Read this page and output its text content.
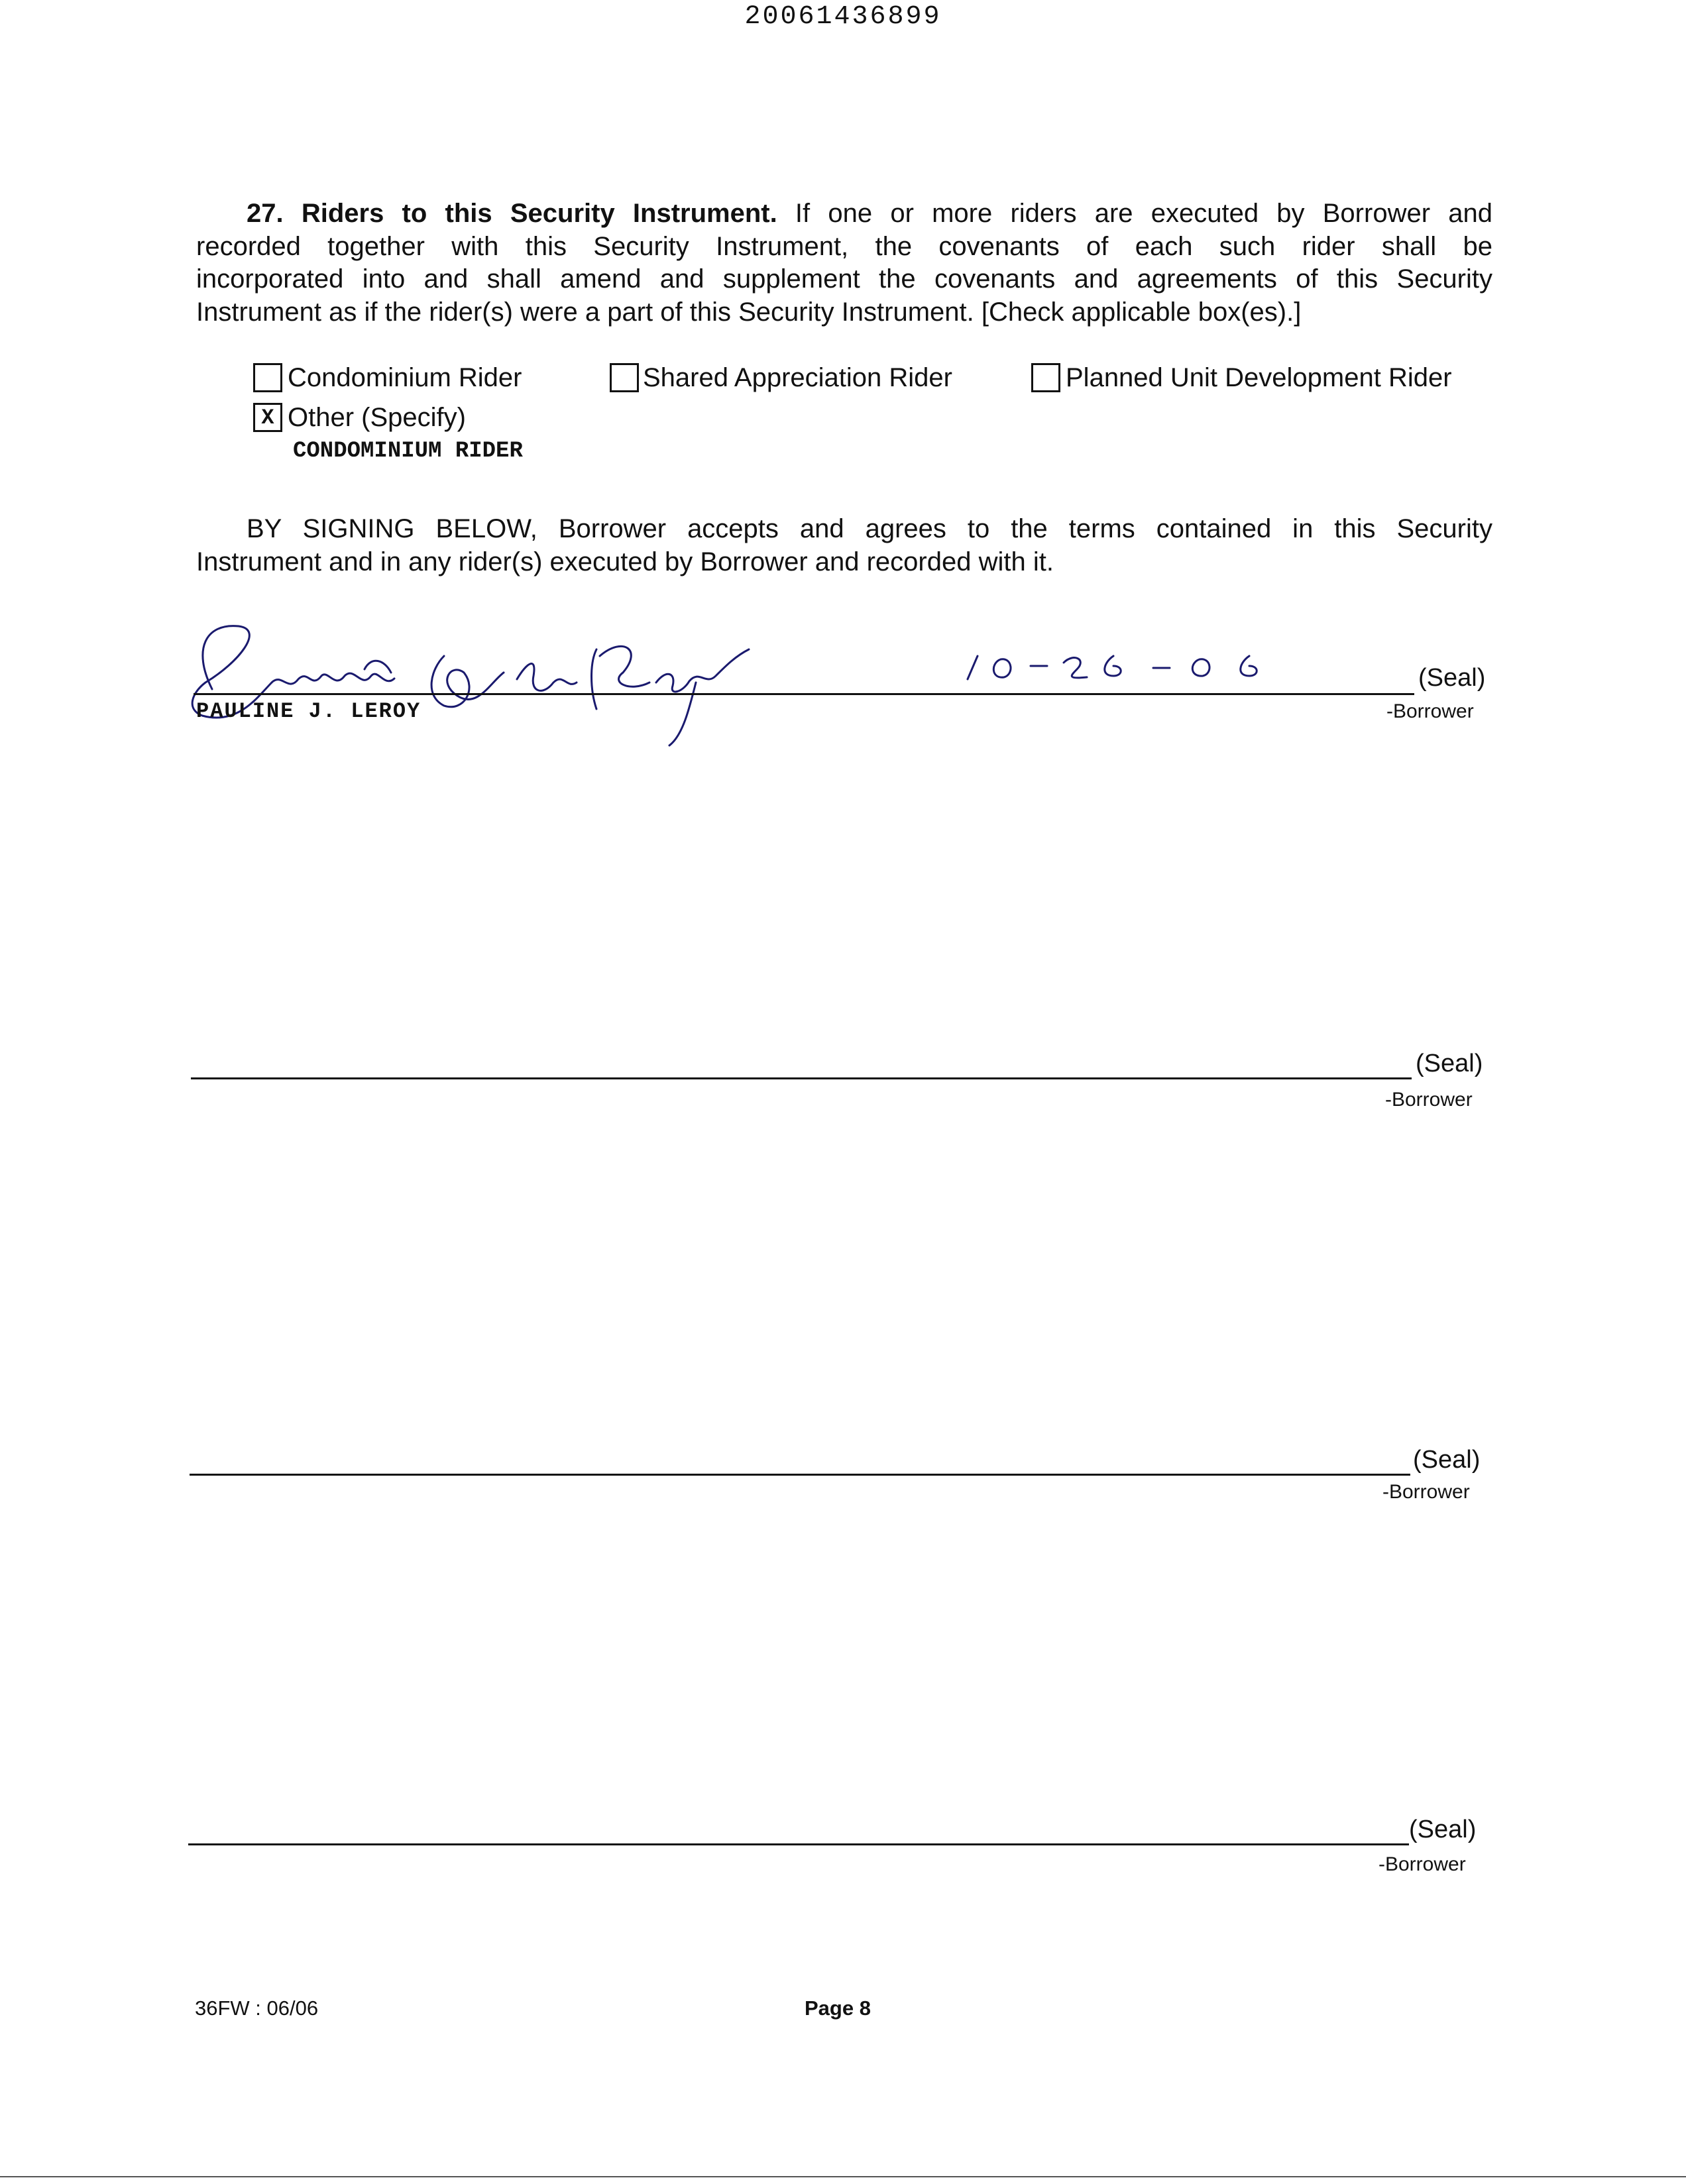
20061436899
27. Riders to this Security Instrument. If one or more riders are executed by Borrower and
recorded together with this Security Instrument, the covenants of each such rider shall be
incorporated into and shall amend and supplement the covenants and agreements of this Security
Instrument as if the rider(s) were a part of this Security Instrument. [Check applicable box(es).]
Condominium Rider	Shared Appreciation Rider	Planned Unit Development Rider
X Other (Specify)
CONDOMINIUM RIDER
BY SIGNING BELOW, Borrower accepts and agrees to the terms contained in this Security
Instrument and in any rider(s) executed by Borrower and recorded with it.
PAULINE J. LEROY
(Seal)
-Borrower
(Seal)
-Borrower
(Seal)
-Borrower
(Seal)
-Borrower
36FW : 06/06	Page 8
